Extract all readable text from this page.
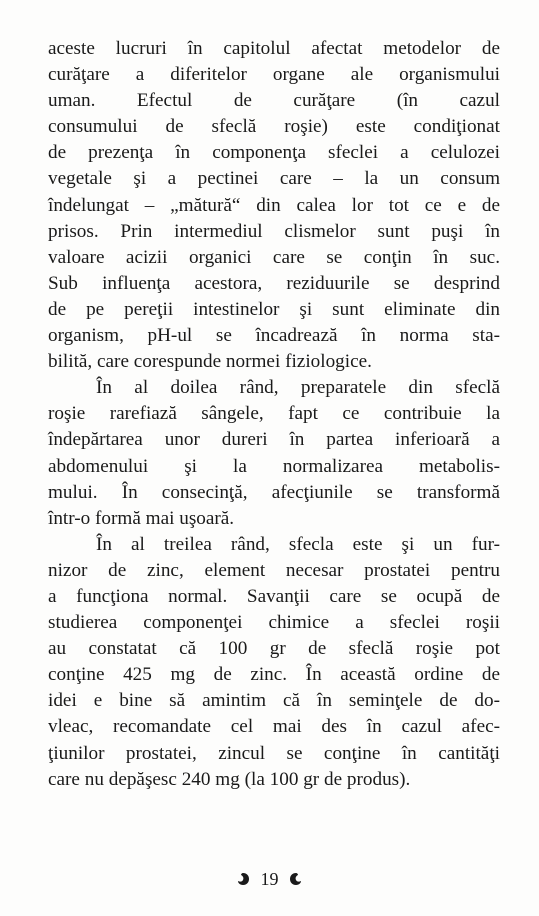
aceste lucruri în capitolul afectat metodelor de
curăţare a diferitelor organe ale organismului
uman. Efectul de curăţare (în cazul
consumului de sfeclă roşie) este condiţionat
de prezenţa în componenţa sfeclei a celulozei
vegetale şi a pectinei care – la un consum
îndelungat – „mătură“ din calea lor tot ce e de
prisos. Prin intermediul clismelor sunt puşi în
valoare acizii organici care se conţin în suc.
Sub influenţa acestora, reziduurile se desprind
de pe pereţii intestinelor şi sunt eliminate din
organism, pH-ul se încadrează în norma sta-
bilită, care corespunde normei fiziologice.
În al doilea rând, preparatele din sfeclă
roşie rarefiază sângele, fapt ce contribuie la
îndepărtarea unor dureri în partea inferioară a
abdomenului şi la normalizarea metabolis-
mului. În consecinţă, afecţiunile se transformă
într-o formă mai uşoară.
În al treilea rând, sfecla este şi un fur-
nizor de zinc, element necesar prostatei pentru
a funcţiona normal. Savanţii care se ocupă de
studierea componenţei chimice a sfeclei roşii
au constatat că 100 gr de sfeclă roşie pot
conţine 425 mg de zinc. În această ordine de
idei e bine să amintim că în seminţele de do-
vleac, recomandate cel mai des în cazul afec-
ţiunilor prostatei, zincul se conţine în cantităţi
care nu depăşesc 240 mg (la 100 gr de produs).
19
